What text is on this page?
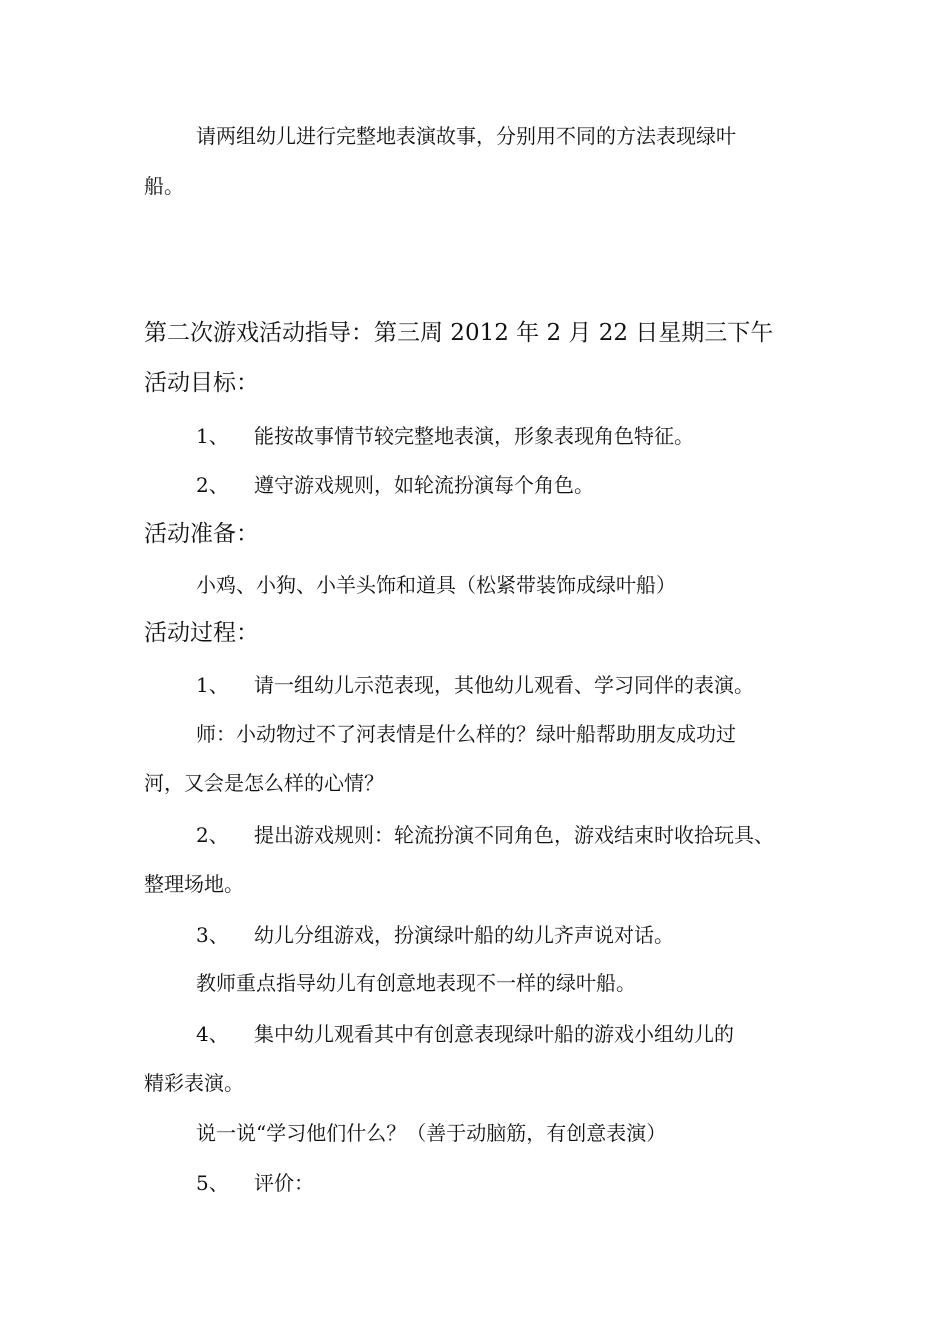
请两组幼儿进行完整地表演故事，分别用不同的方法表现绿叶
船。
第二次游戏活动指导：第三周 2012 年 2 月 22 日星期三下午
活动目标：
1、 能按故事情节较完整地表演，形象表现角色特征。
2、 遵守游戏规则，如轮流扮演每个角色。
活动准备：
小鸡、小狗、小羊头饰和道具（松紧带装饰成绿叶船）
活动过程：
1、 请一组幼儿示范表现，其他幼儿观看、学习同伴的表演。
师：小动物过不了河表情是什么样的？绿叶船帮助朋友成功过
河，又会是怎么样的心情？
2、 提出游戏规则：轮流扮演不同角色，游戏结束时收拾玩具、
整理场地。
3、 幼儿分组游戏，扮演绿叶船的幼儿齐声说对话。
教师重点指导幼儿有创意地表现不一样的绿叶船。
4、 集中幼儿观看其中有创意表现绿叶船的游戏小组幼儿的
精彩表演。
说一说“学习他们什么？（善于动脑筋，有创意表演）
5、 评价：
